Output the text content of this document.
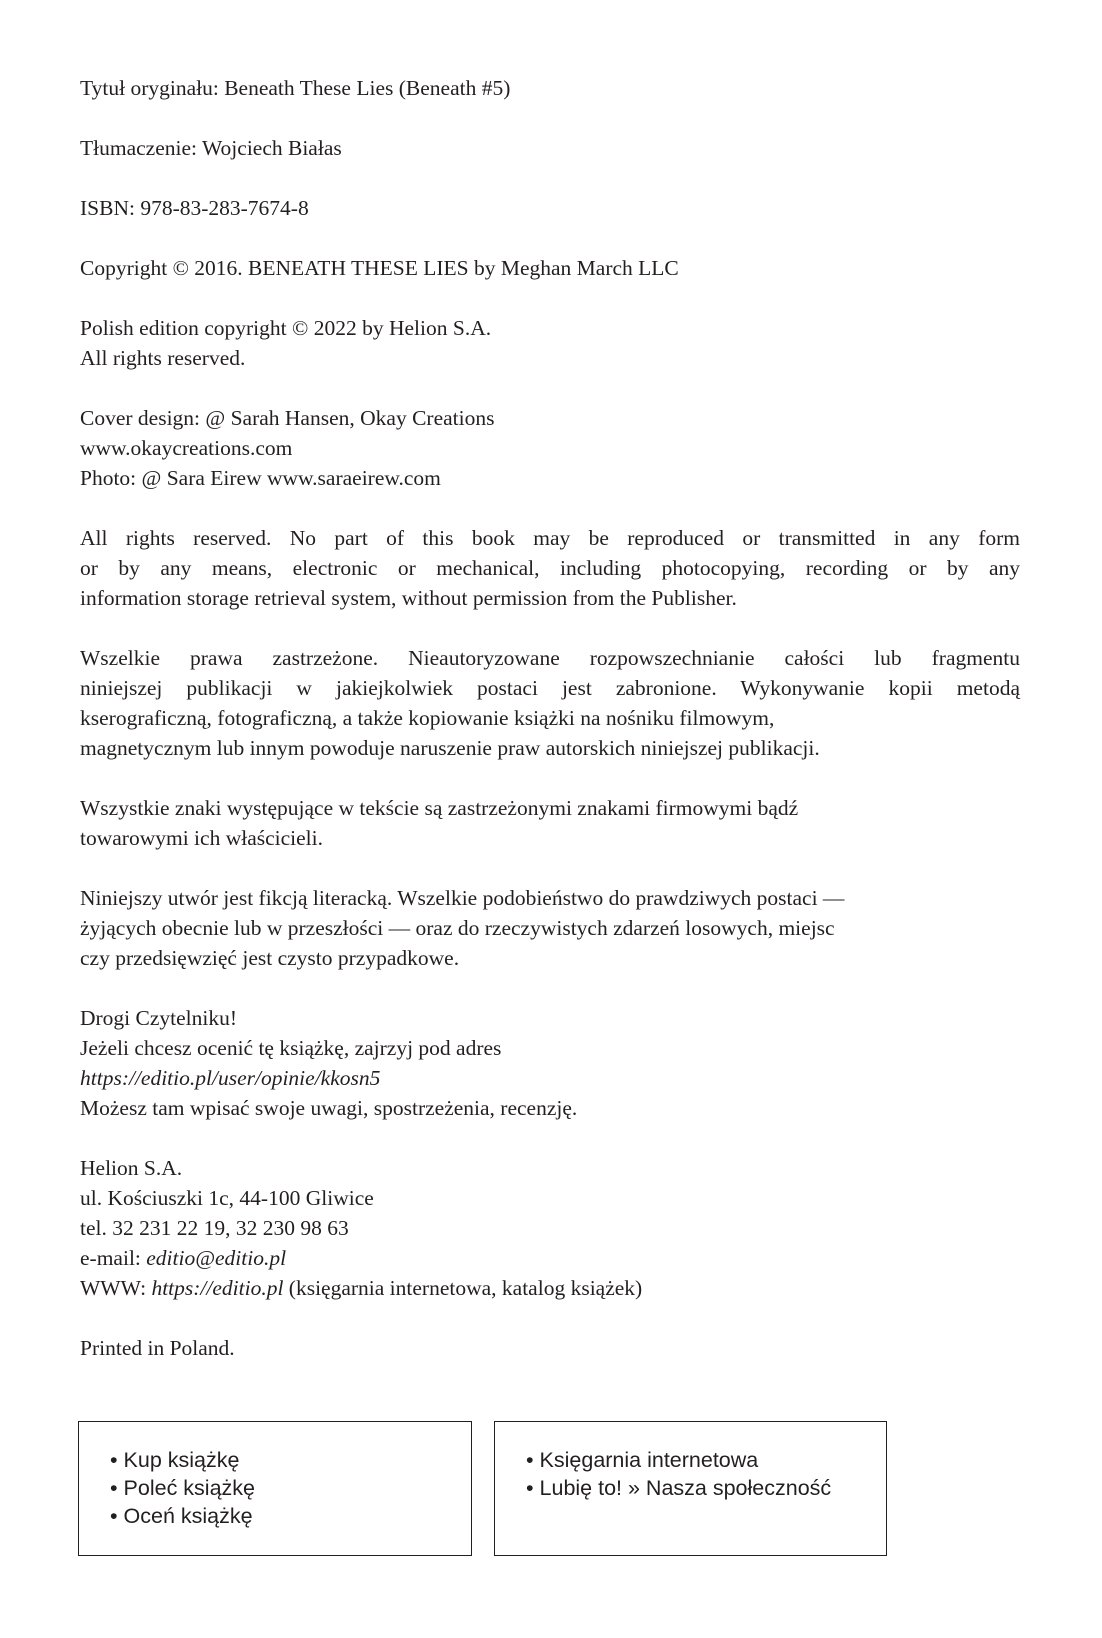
Tytuł oryginału: Beneath These Lies (Beneath #5)

Tłumaczenie: Wojciech Białas

ISBN: 978-83-283-7674-8

Copyright © 2016. BENEATH THESE LIES by Meghan March LLC

Polish edition copyright © 2022 by Helion S.A.
All rights reserved.

Cover design: @ Sarah Hansen, Okay Creations
www.okaycreations.com
Photo: @ Sara Eirew www.saraeirew.com

All rights reserved. No part of this book may be reproduced or transmitted in any form
or by any means, electronic or mechanical, including photocopying, recording or by any
information storage retrieval system, without permission from the Publisher.

Wszelkie prawa zastrzeżone. Nieautoryzowane rozpowszechnianie całości lub fragmentu
niniejszej publikacji w jakiejkolwiek postaci jest zabronione. Wykonywanie kopii metodą
kserograficzną, fotograficzną, a także kopiowanie książki na nośniku filmowym,
magnetycznym lub innym powoduje naruszenie praw autorskich niniejszej publikacji.

Wszystkie znaki występujące w tekście są zastrzeżonymi znakami firmowymi bądź
towarowymi ich właścicieli.

Niniejszy utwór jest fikcją literacką. Wszelkie podobieństwo do prawdziwych postaci —
żyjących obecnie lub w przeszłości — oraz do rzeczywistych zdarzeń losowych, miejsc
czy przedsięwzięć jest czysto przypadkowe.

Drogi Czytelniku!
Jeżeli chcesz ocenić tę książkę, zajrzyj pod adres
https://editio.pl/user/opinie/kkosn5
Możesz tam wpisać swoje uwagi, spostrzeżenia, recenzję.

Helion S.A.
ul. Kościuszki 1c, 44-100 Gliwice
tel. 32 231 22 19, 32 230 98 63
e-mail: editio@editio.pl
WWW: https://editio.pl (księgarnia internetowa, katalog książek)

Printed in Poland.

• Kup książkę
• Poleć książkę
• Oceń książkę
• Księgarnia internetowa
• Lubię to! » Nasza społeczność
